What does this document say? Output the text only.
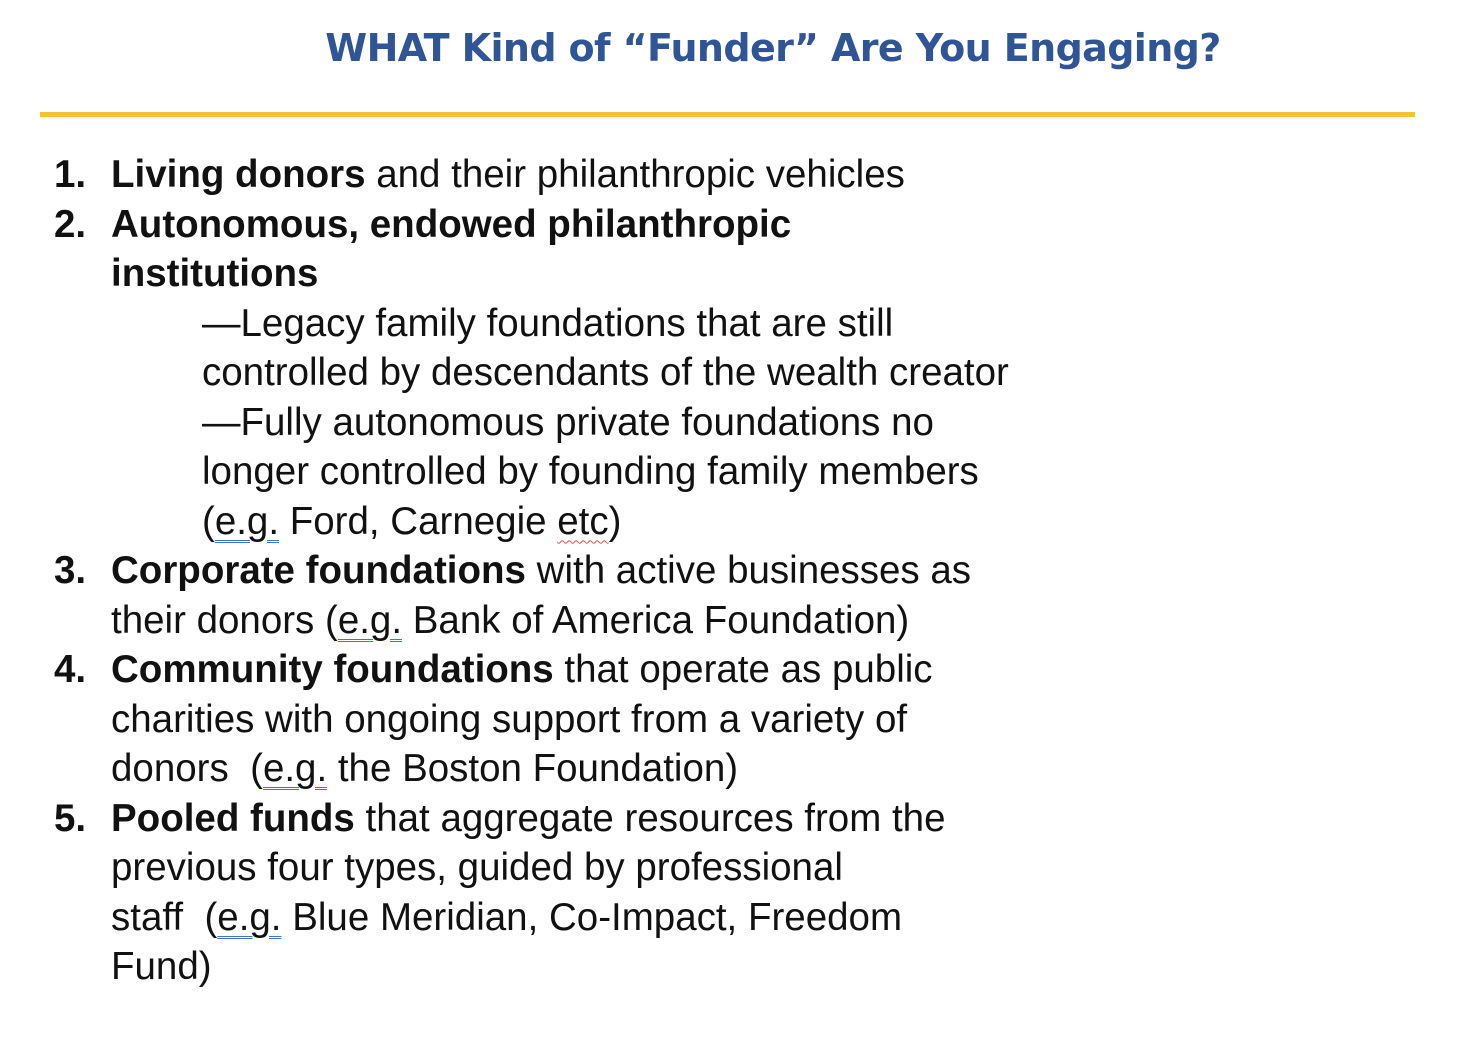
WHAT Kind of “Funder” Are You Engaging?
1. Living donors and their philanthropic vehicles
2. Autonomous, endowed philanthropic
institutions
—Legacy family foundations that are still
controlled by descendants of the wealth creator
—Fully autonomous private foundations no
longer controlled by founding family members
(e.g. Ford, Carnegie etc)
3. Corporate foundations with active businesses as
their donors (e.g. Bank of America Foundation)
4. Community foundations that operate as public
charities with ongoing support from a variety of
donors  (e.g. the Boston Foundation)
5. Pooled funds that aggregate resources from the
previous four types, guided by professional
staff  (e.g. Blue Meridian, Co-Impact, Freedom
Fund)
